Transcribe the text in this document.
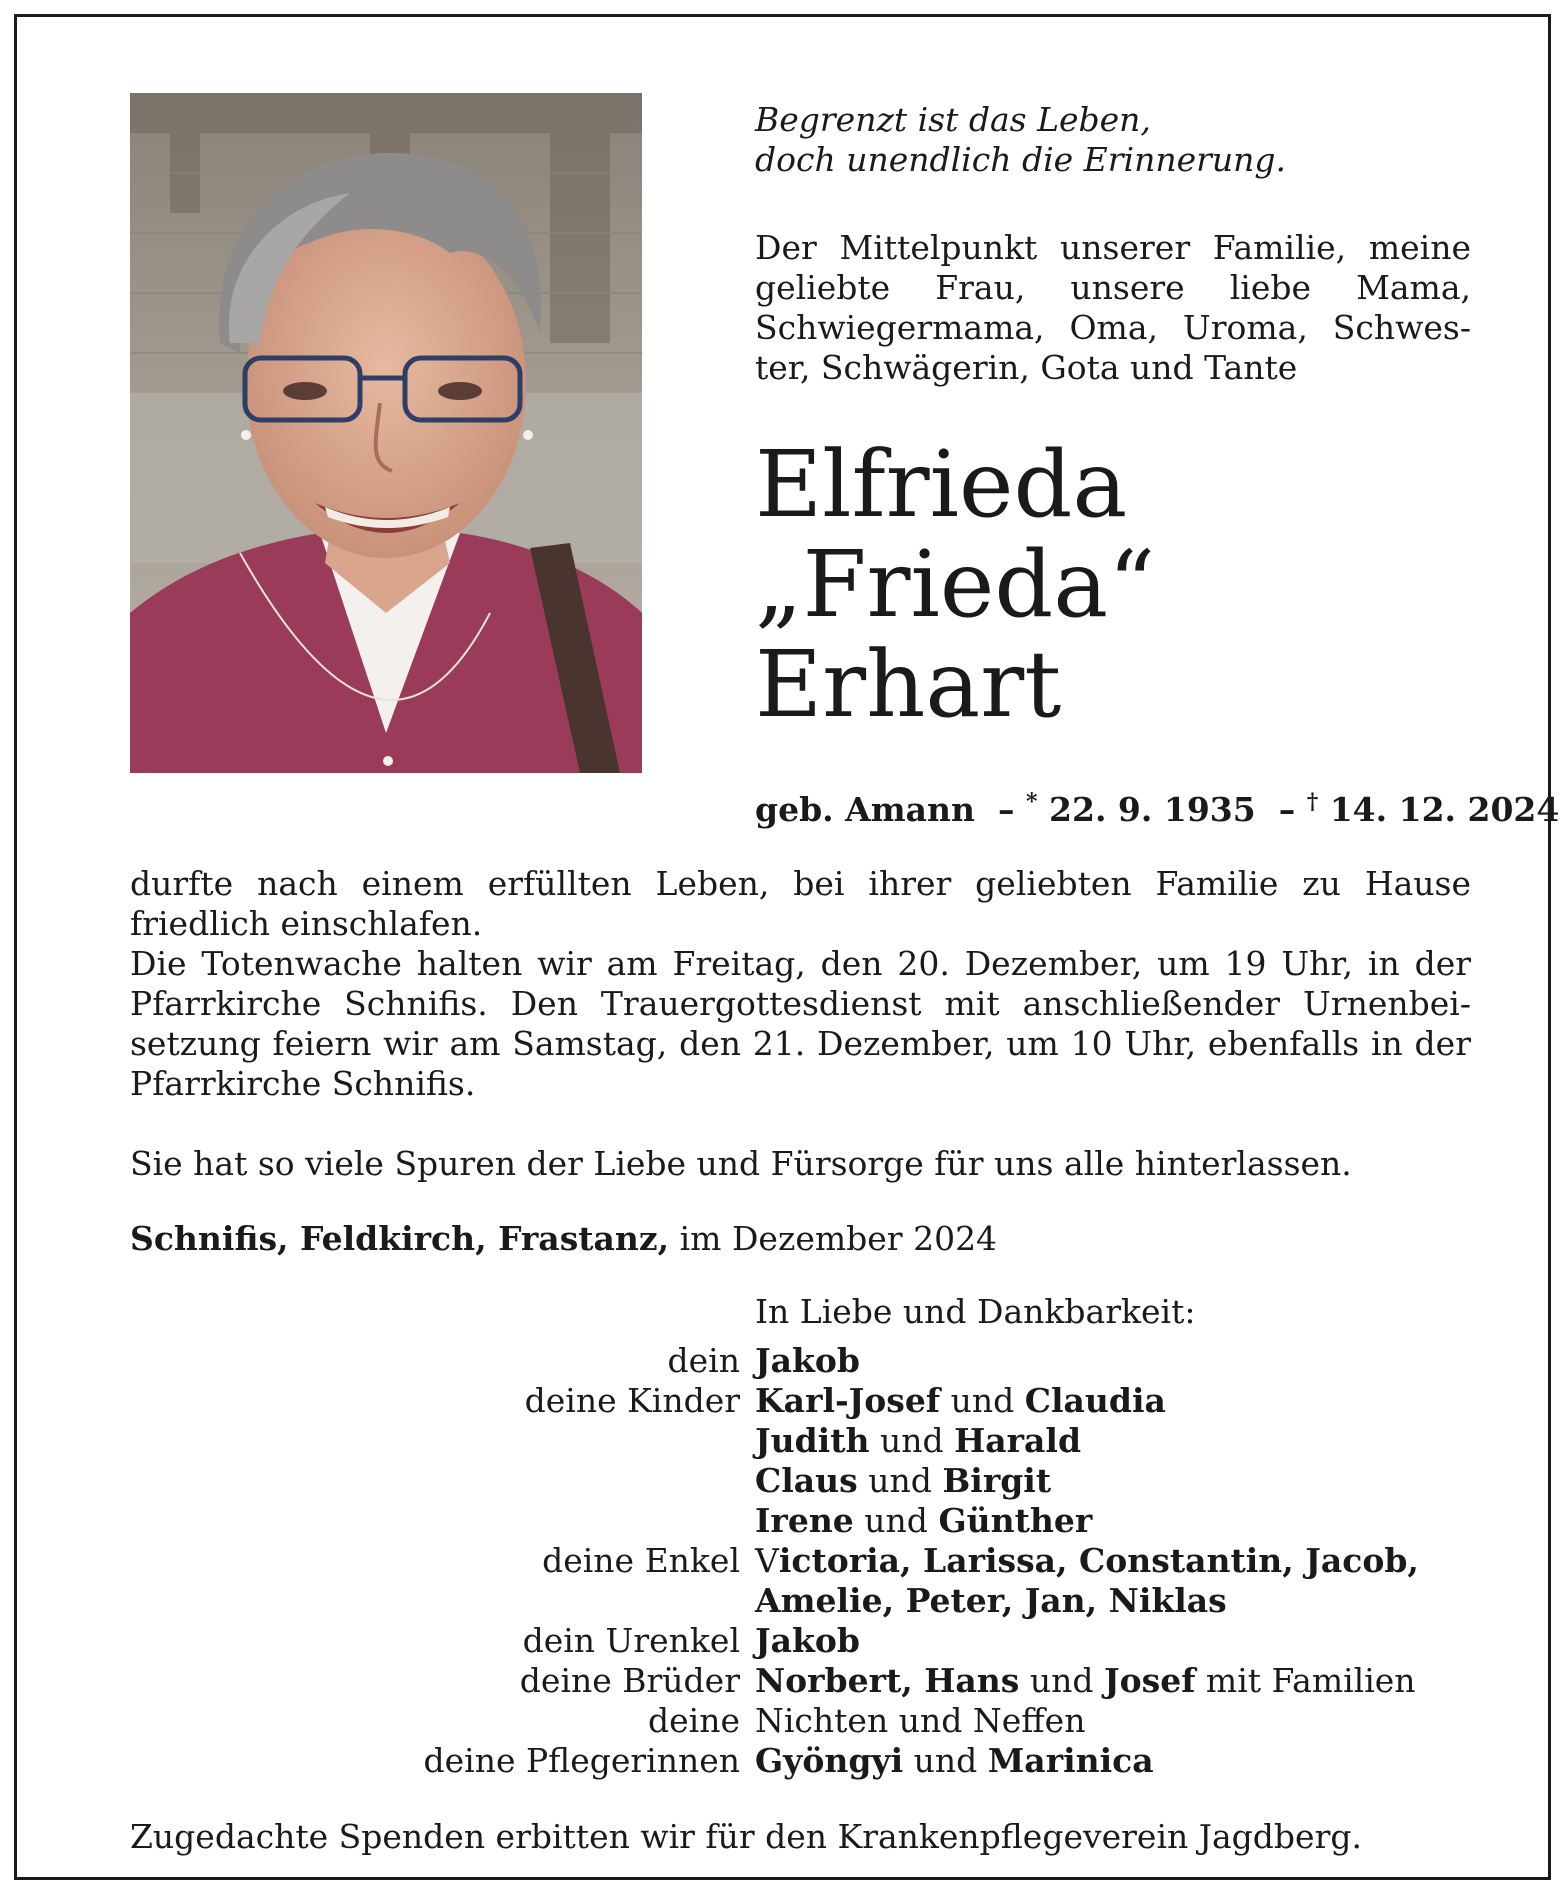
Begrenzt ist das Leben,
doch unendlich die Erinnerung.
Der Mittelpunkt unserer Familie, meine
geliebte Frau, unsere liebe Mama,
Schwiegermama, Oma, Uroma, Schwes-
ter, Schwägerin, Gota und Tante
Elfrieda
„Frieda“
Erhart
geb. Amann  – * 22. 9. 1935  – † 14. 12. 2024
durfte nach einem erfüllten Leben, bei ihrer geliebten Familie zu Hause
friedlich einschlafen.
Die Totenwache halten wir am Freitag, den 20. Dezember, um 19 Uhr, in der
Pfarrkirche Schnifis. Den Trauergottesdienst mit anschließender Urnenbei-
setzung feiern wir am Samstag, den 21. Dezember, um 10 Uhr, ebenfalls in der
Pfarrkirche Schnifis.
Sie hat so viele Spuren der Liebe und Fürsorge für uns alle hinterlassen.
Schnifis, Feldkirch, Frastanz, im Dezember 2024
In Liebe und Dankbarkeit:
dein Jakob
deine Kinder Karl-Josef und Claudia
Judith und Harald
Claus und Birgit
Irene und Günther
deine Enkel Victoria, Larissa, Constantin, Jacob,
Amelie, Peter, Jan, Niklas
dein Urenkel Jakob
deine Brüder Norbert, Hans und Josef mit Familien
deine Nichten und Neffen
deine Pflegerinnen Gyöngyi und Marinica
Zugedachte Spenden erbitten wir für den Krankenpflegeverein Jagdberg.
